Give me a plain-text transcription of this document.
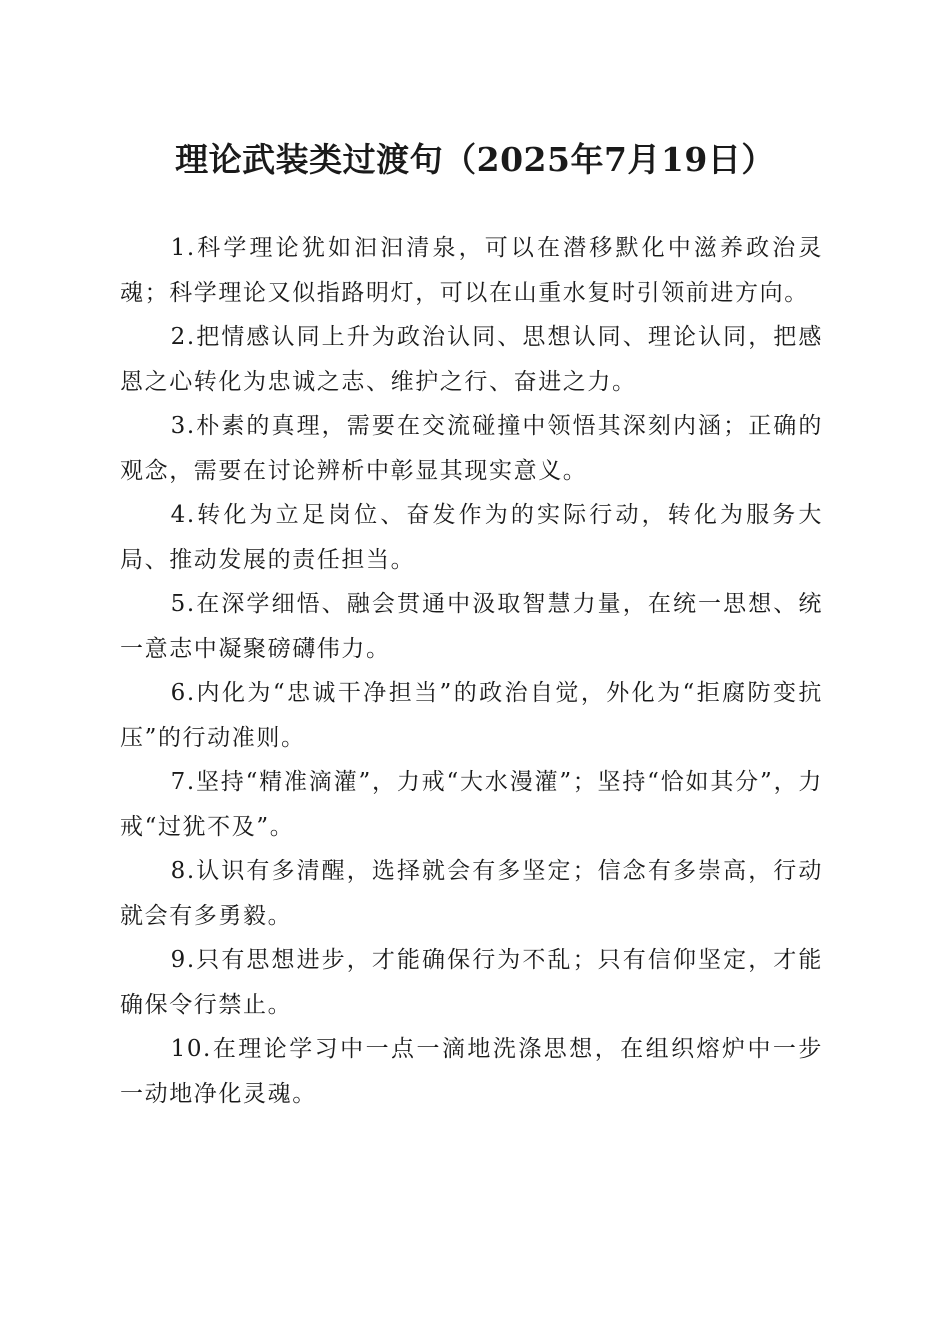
理论武装类过渡句（2025年7月19日）

1.科学理论犹如汩汩清泉，可以在潜移默化中滋养政治灵魂；科学理论又似指路明灯，可以在山重水复时引领前进方向。

2.把情感认同上升为政治认同、思想认同、理论认同，把感恩之心转化为忠诚之志、维护之行、奋进之力。

3.朴素的真理，需要在交流碰撞中领悟其深刻内涵；正确的观念，需要在讨论辨析中彰显其现实意义。

4.转化为立足岗位、奋发作为的实际行动，转化为服务大局、推动发展的责任担当。

5.在深学细悟、融会贯通中汲取智慧力量，在统一思想、统一意志中凝聚磅礴伟力。

6.内化为“忠诚干净担当”的政治自觉，外化为“拒腐防变抗压”的行动准则。

7.坚持“精准滴灌”，力戒“大水漫灌”；坚持“恰如其分”，力戒“过犹不及”。

8.认识有多清醒，选择就会有多坚定；信念有多崇高，行动就会有多勇毅。

9.只有思想进步，才能确保行为不乱；只有信仰坚定，才能确保令行禁止。

10.在理论学习中一点一滴地洗涤思想，在组织熔炉中一步一动地净化灵魂。
